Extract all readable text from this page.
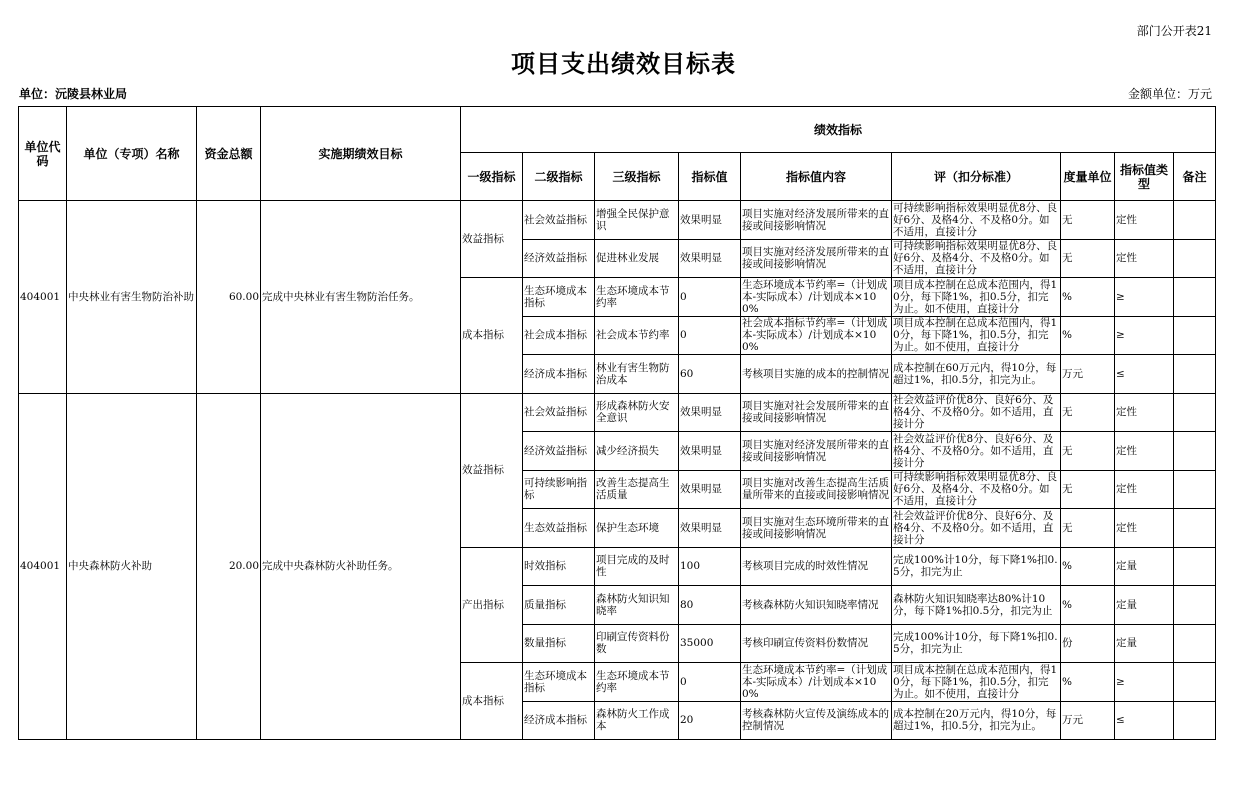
部门公开表21
项目支出绩效目标表
单位：沅陵县林业局	金额单位：万元
单位代码	单位（专项）名称	资金总额	实施期绩效目标	绩效指标								
				一级指标	二级指标	三级指标	指标值	指标值内容	评（扣分标准）	度量单位	指标值类型	备注

404001	中央林业有害生物防治补助	60.00	完成中央林业有害生物防治任务。	效益指标	社会效益指标	增强全民保护意识	效果明显	项目实施对经济发展所带来的直接或间接影响情况	可持续影响指标效果明显优8分、良好6分、及格4分、不及格0分。如不适用，直接计分	无	定性	

					经济效益指标	促进林业发展	效果明显	项目实施对经济发展所带来的直接或间接影响情况	可持续影响指标效果明显优8分、良好6分、及格4分、不及格0分。如不适用，直接计分	无	定性	

				成本指标	生态环境成本指标	生态环境成本节约率	0	生态环境成本节约率=（计划成本-实际成本）/计划成本×100%	项目成本控制在总成本范围内，得10分，每下降1%，扣0.5分，扣完为止。如不使用，直接计分	%	≥	

					社会成本指标	社会成本节约率	0	社会成本指标节约率=（计划成本-实际成本）/计划成本×100%	项目成本控制在总成本范围内，得10分，每下降1%，扣0.5分，扣完为止。如不使用，直接计分	%	≥	

					经济成本指标	林业有害生物防治成本	60	考核项目实施的成本的控制情况	成本控制在60万元内，得10分，每超过1%，扣0.5分，扣完为止。	万元	≤	

404001	中央森林防火补助	20.00	完成中央森林防火补助任务。	效益指标	社会效益指标	形成森林防火安全意识	效果明显	项目实施对社会发展所带来的直接或间接影响情况	社会效益评价优8分、良好6分、及格4分、不及格0分。如不适用，直接计分	无	定性	

					经济效益指标	减少经济损失	效果明显	项目实施对经济发展所带来的直接或间接影响情况	社会效益评价优8分、良好6分、及格4分、不及格0分。如不适用，直接计分	无	定性	

					可持续影响指标	改善生态提高生活质量	效果明显	项目实施对改善生态提高生活质量所带来的直接或间接影响情况	可持续影响指标效果明显优8分、良好6分、及格4分、不及格0分。如不适用，直接计分	无	定性	

					生态效益指标	保护生态环境	效果明显	项目实施对生态环境所带来的直接或间接影响情况	社会效益评价优8分、良好6分、及格4分、不及格0分。如不适用，直接计分	无	定性	

				产出指标	时效指标	项目完成的及时性	100	考核项目完成的时效性情况	完成100%计10分，每下降1%扣0.5分，扣完为止	%	定量	

					质量指标	森林防火知识知晓率	80	考核森林防火知识知晓率情况	森林防火知识知晓率达80%计10分，每下降1%扣0.5分，扣完为止	%	定量	

					数量指标	印刷宣传资料份数	35000	考核印刷宣传资料份数情况	完成100%计10分，每下降1%扣0.5分，扣完为止	份	定量	

				成本指标	生态环境成本指标	生态环境成本节约率	0	生态环境成本节约率=（计划成本-实际成本）/计划成本×100%	项目成本控制在总成本范围内，得10分，每下降1%，扣0.5分，扣完为止。如不使用，直接计分	%	≥	

					经济成本指标	森林防火工作成本	20	考核森林防火宣传及演练成本的控制情况	成本控制在20万元内，得10分，每超过1%，扣0.5分，扣完为止。	万元	≤	
